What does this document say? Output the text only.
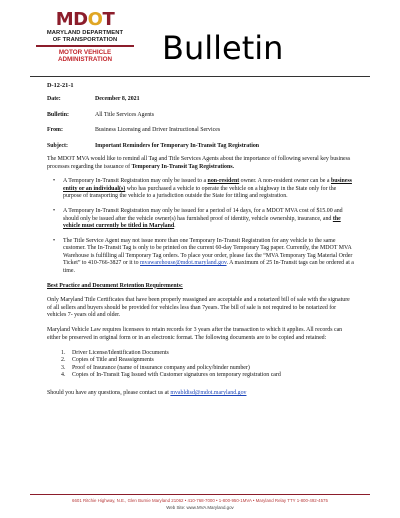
MDOT
MARYLAND DEPARTMENT
OF TRANSPORTATION
MOTOR VEHICLE
ADMINISTRATION	Bulletin
D-12-21-1
Date:	December 8, 2021
Bulletin:	All Title Services Agents
From:	Business Licensing and Driver Instructional Services
Subject:	Important Reminders for Temporary In-Transit Tag Registration

The MDOT MVA would like to remind all Tag and Title Services Agents about the importance of following several key business processes regarding the issuance of Temporary In-Transit Tag Registrations.

• A Temporary In-Transit Registration may only be issued to a non-resident owner. A non-resident owner can be a business entity or an individual(s) who has purchased a vehicle to operate the vehicle on a highway in the State only for the purpose of transporting the vehicle to a jurisdiction outside the State for titling and registration.
• A Temporary In-Transit Registration may only be issued for a period of 14 days, for a MDOT MVA cost of $15.00 and should only be issued after the vehicle owner(s) has furnished proof of identity, vehicle ownership, insurance, and the vehicle must currently be titled in Maryland.
• The Title Service Agent may not issue more than one Temporary In-Transit Registration for any vehicle to the same customer. The In-Transit Tag is only to be printed on the current 60-day Temporary Tag paper. Currently, the MDOT MVA Warehouse is fulfilling all Temporary Tag orders. To place your order, please fax the “MVA Temporary Tag Material Order Ticket” to 410-766-3827 or it to mvawarehouse@mdot.maryland.gov. A maximum of 25 In-Transit tags can be ordered at a time.

Best Practice and Document Retention Requirements:

Only Maryland Title Certificates that have been properly reassigned are acceptable and a notarized bill of sale with the signature of all sellers and buyers should be provided for vehicles less than 7years. The bill of sale is not required to be notarized for vehicles 7- years old and older.

Maryland Vehicle Law requires licensees to retain records for 3 years after the transaction to which it applies. All records can either be preserved in original form or in an electronic format. The following documents are to be copied and retained:

1. Driver License/Identification Documents
2. Copies of Title and Reassignments
3. Proof of Insurance (name of insurance company and policy/binder number)
4. Copies of In-Transit Tag Issued with Customer signatures on temporary registration card

Should you have any questions, please contact us at mvabldisd@mdot.maryland.gov

6601 Ritchie Highway, N.E., Glen Burnie Maryland 21062 • 410-768-7000 • 1-800-950-1MVA • Maryland Relay TTY 1-800-492-4575
Web Site: www.MVA.Maryland.gov
